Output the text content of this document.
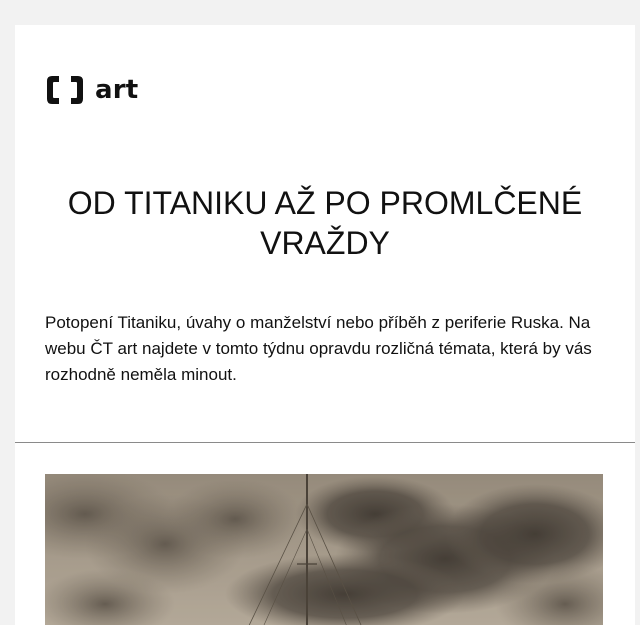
art
OD TITANIKU AŽ PO PROMLČENÉ VRAŽDY

Potopení Titaniku, úvahy o manželství nebo příběh z periferie Ruska. Na webu ČT art najdete v tomto týdnu opravdu rozličná témata, která by vás rozhodně neměla minout.
